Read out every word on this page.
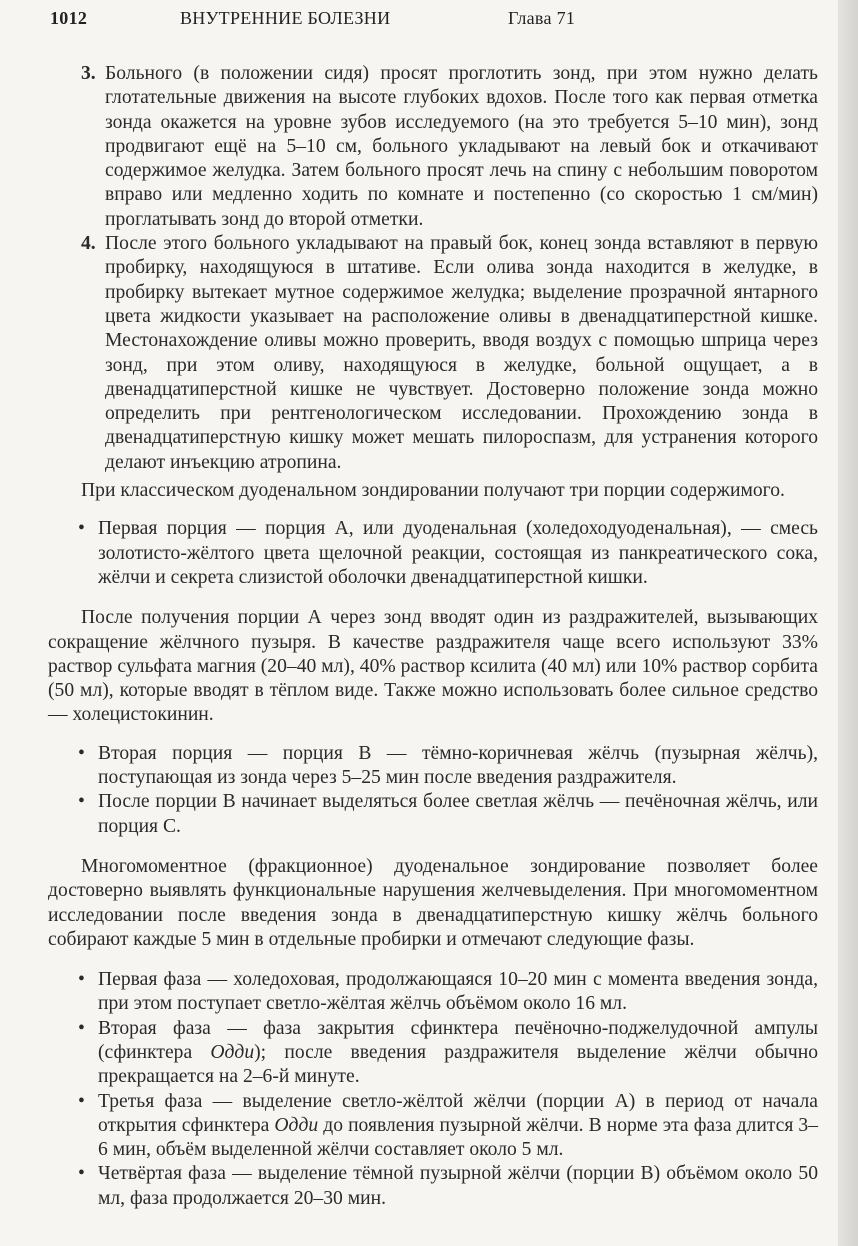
1012	ВНУТРЕННИЕ БОЛЕЗНИ	Глава 71

3. Больного (в положении сидя) просят проглотить зонд, при этом нужно делать глотательные движения на высоте глубоких вдохов. После того как первая отметка зонда окажется на уровне зубов исследуемого (на это требуется 5–10 мин), зонд продвигают ещё на 5–10 см, больного укладывают на левый бок и откачивают содержимое желудка. Затем больного просят лечь на спину с небольшим поворотом вправо или медленно ходить по комнате и постепенно (со скоростью 1 см/мин) проглатывать зонд до второй отметки.

4. После этого больного укладывают на правый бок, конец зонда вставляют в первую пробирку, находящуюся в штативе. Если олива зонда находится в желудке, в пробирку вытекает мутное содержимое желудка; выделение прозрачной янтарного цвета жидкости указывает на расположение оливы в двенадцатиперстной кишке. Местонахождение оливы можно проверить, вводя воздух с помощью шприца через зонд, при этом оливу, находящуюся в желудке, больной ощущает, а в двенадцатиперстной кишке не чувствует. Достоверно положение зонда можно определить при рентгенологическом исследовании. Прохождению зонда в двенадцатиперстную кишку может мешать пилороспазм, для устранения которого делают инъекцию атропина.

При классическом дуоденальном зондировании получают три порции содержимого.

• Первая порция — порция А, или дуоденальная (холедоходуоденальная), — смесь золотисто-жёлтого цвета щелочной реакции, состоящая из панкреатического сока, жёлчи и секрета слизистой оболочки двенадцатиперстной кишки.

После получения порции А через зонд вводят один из раздражителей, вызывающих сокращение жёлчного пузыря. В качестве раздражителя чаще всего используют 33% раствор сульфата магния (20–40 мл), 40% раствор ксилита (40 мл) или 10% раствор сорбита (50 мл), которые вводят в тёплом виде. Также можно использовать более сильное средство — холецистокинин.

• Вторая порция — порция В — тёмно-коричневая жёлчь (пузырная жёлчь), поступающая из зонда через 5–25 мин после введения раздражителя.

• После порции В начинает выделяться более светлая жёлчь — печёночная жёлчь, или порция С.

Многомоментное (фракционное) дуоденальное зондирование позволяет более достоверно выявлять функциональные нарушения желчевыделения. При многомоментном исследовании после введения зонда в двенадцатиперстную кишку жёлчь больного собирают каждые 5 мин в отдельные пробирки и отмечают следующие фазы.

• Первая фаза — холедоховая, продолжающаяся 10–20 мин с момента введения зонда, при этом поступает светло-жёлтая жёлчь объёмом около 16 мл.

• Вторая фаза — фаза закрытия сфинктера печёночно-поджелудочной ампулы (сфинктера Одди); после введения раздражителя выделение жёлчи обычно прекращается на 2–6-й минуте.

• Третья фаза — выделение светло-жёлтой жёлчи (порции А) в период от начала открытия сфинктера Одди до появления пузырной жёлчи. В норме эта фаза длится 3–6 мин, объём выделенной жёлчи составляет около 5 мл.

• Четвёртая фаза — выделение тёмной пузырной жёлчи (порции В) объёмом около 50 мл, фаза продолжается 20–30 мин.
